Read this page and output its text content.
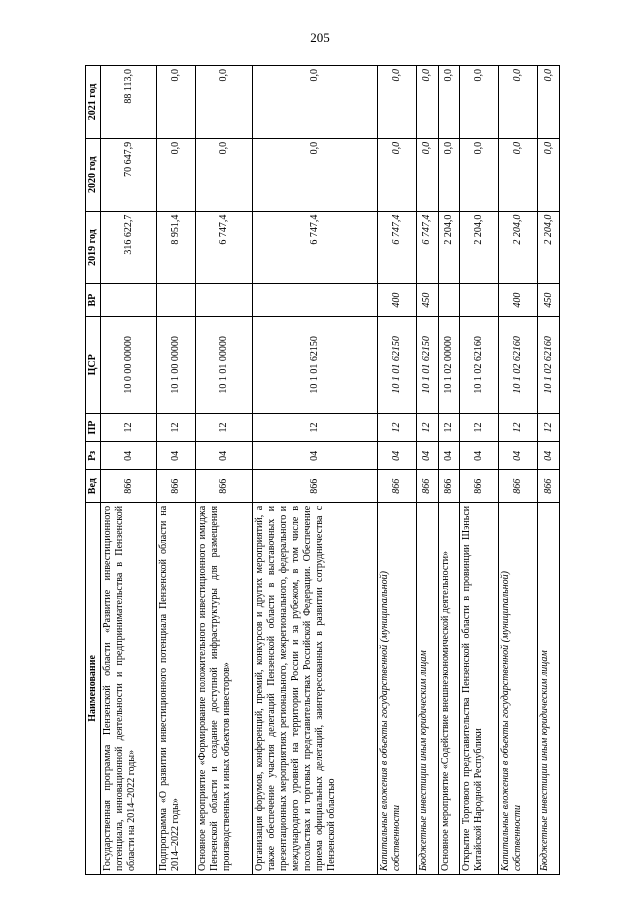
205
Наименование	Вед	Рз	ПР	ЦСР	ВР	2019 год	2020 год	2021 год
Государственная программа Пензенской области «Развитие инвестиционного потенциала, инновационной деятельности и предпринимательства в Пензенской области на 2014–2022 годы»	866	04	12	10 0 00 00000		316 622,7	70 647,9	88 113,0
Подпрограмма «О развитии инвестиционного потенциала Пензенской области на 2014–2022 годы»	866	04	12	10 1 00 00000		8 951,4	0,0	0,0
Основное мероприятие «Формирование положительного инвестиционного имиджа Пензенской области и создание доступной инфраструктуры для размещения производственных и иных объектов инвесторов»	866	04	12	10 1 01 00000		6 747,4	0,0	0,0
Организация форумов, конференций, премий, конкурсов и других мероприятий, а также обеспечение участия делегаций Пензенской области в выставочных и презентационных мероприятиях регионального, межрегионального, федерального и международного уровней на территории России и за рубежом, в том числе в посольствах и торговых представительствах Российской Федерации. Обеспечение приема официальных делегаций, заинтересованных в развитии сотрудничества с Пензенской областью	866	04	12	10 1 01 62150		6 747,4	0,0	0,0
Капитальные вложения в объекты государственной (муниципальной) собственности	866	04	12	10 1 01 62150	400	6 747,4	0,0	0,0
Бюджетные инвестиции иным юридическим лицам	866	04	12	10 1 01 62150	450	6 747,4	0,0	0,0
Основное мероприятие «Содействие внешнеэкономической деятельности»	866	04	12	10 1 02 00000		2 204,0	0,0	0,0
Открытие Торгового представительства Пензенской области в провинции Шэньси Китайской Народной Республики	866	04	12	10 1 02 62160		2 204,0	0,0	0,0
Капитальные вложения в объекты государственной (муниципальной) собственности	866	04	12	10 1 02 62160	400	2 204,0	0,0	0,0
Бюджетные инвестиции иным юридическим лицам	866	04	12	10 1 02 62160	450	2 204,0	0,0	0,0
